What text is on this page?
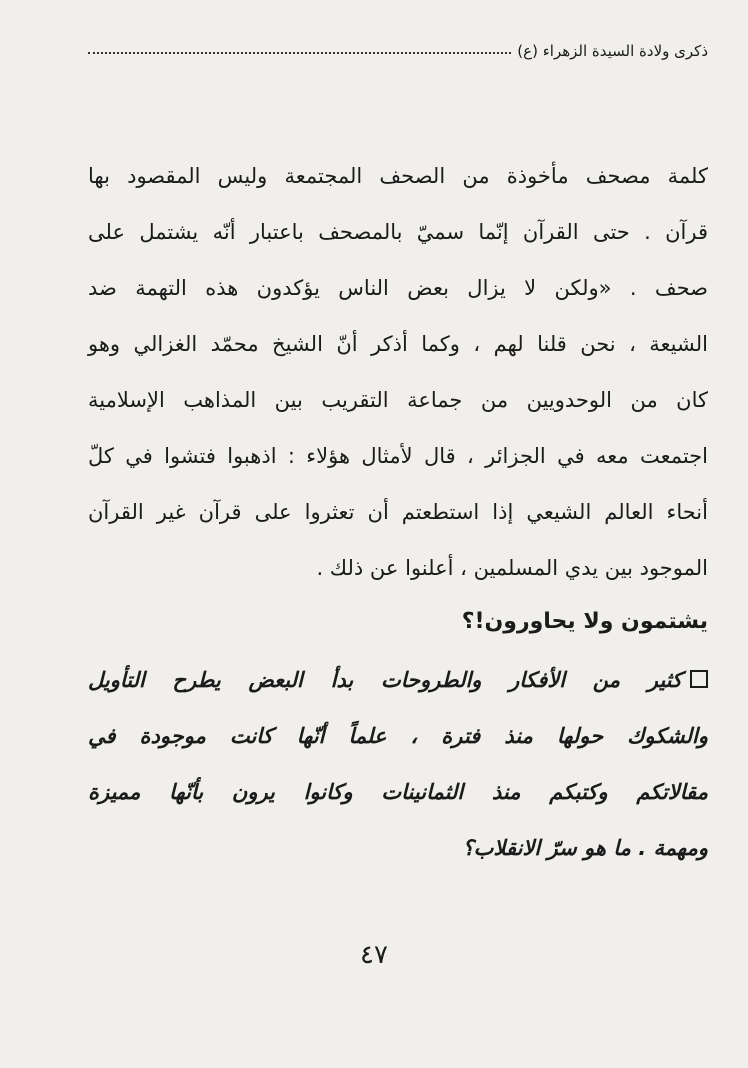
ذكرى ولادة السيدة الزهراء (ع)
كلمة مصحف مأخوذة من الصحف المجتمعة وليس المقصود بها
قرآن . حتى القرآن إنّما سميّ بالمصحف باعتبار أنّه يشتمل على
صحف . «ولكن لا يزال بعض الناس يؤكدون هذه التهمة ضد
الشيعة ، نحن قلنا لهم ، وكما أذكر أنّ الشيخ محمّد الغزالي وهو
كان من الوحدويين من جماعة التقريب بين المذاهب الإسلامية
اجتمعت معه في الجزائر ، قال لأمثال هؤلاء : اذهبوا فتشوا في كلّ
أنحاء العالم الشيعي إذا استطعتم أن تعثروا على قرآن غير القرآن
الموجود بين يدي المسلمين ، أعلنوا عن ذلك .
يشتمون ولا يحاورون!؟
كثير من الأفكار والطروحات بدأ البعض يطرح التأويل
والشكوك حولها منذ فترة ، علماً أنّها كانت موجودة في
مقالاتكم وكتبكم منذ الثمانينات وكانوا يرون بأنّها مميزة
ومهمة . ما هو سرّ الانقلاب؟
٤٧
